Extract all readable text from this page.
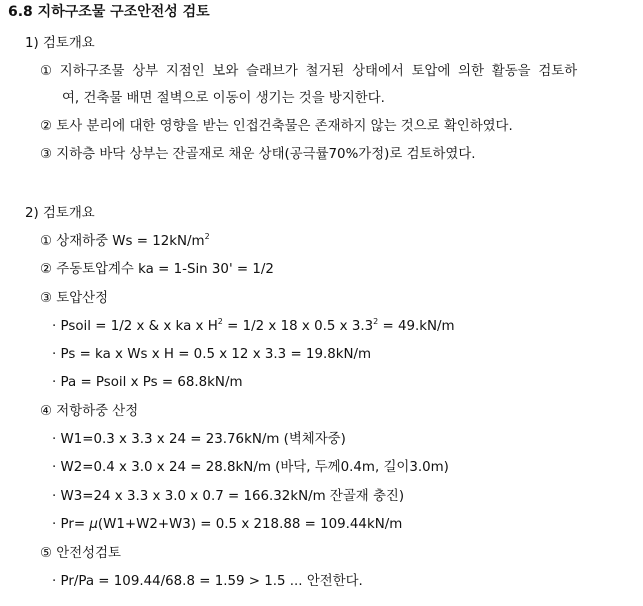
6.8 지하구조물 구조안전성 검토
1) 검토개요
① 지하구조물 상부 지점인 보와 슬래브가 철거된 상태에서 토압에 의한 활동을 검토하
여, 건축물 배면 절벽으로 이동이 생기는 것을 방지한다.
② 토사 분리에 대한 영향을 받는 인접건축물은 존재하지 않는 것으로 확인하였다.
③ 지하층 바닥 상부는 잔골재로 채운 상태(공극률70%가정)로 검토하였다.
2) 검토개요
① 상재하중 $Ws = 12kN/m^2$
② 주동토압계수 ka = 1-Sin 30' = 1/2
③ 토압산정
· Psoil = 1/2 x & x ka x $H^2 = 1/2$ x 18 x 0.5 x $3.3^2 = 49.kN/m$
· Ps = ka x Ws x H = 0.5 x 12 x 3.3 = 19.8kN/m
· Pa = Psoil x Ps = 68.8kN/m
④ 저항하중 산정
· W1=0.3 x 3.3 x 24 = 23.76kN/m (벽체자중)
· W2=0.4 x 3.0 x 24 = 28.8kN/m (바닥, 두께0.4m, 길이3.0m)
· W3=24 x 3.3 x 3.0 x 0.7 = 166.32kN/m 잔골재 충진)
· Pr= μ(W1+W2+W3) = 0.5 x 218.88 = 109.44kN/m
⑤ 안전성검토
· Pr/Pa = 109.44/68.8 = 1.59 > 1.5 ... 안전한다.
